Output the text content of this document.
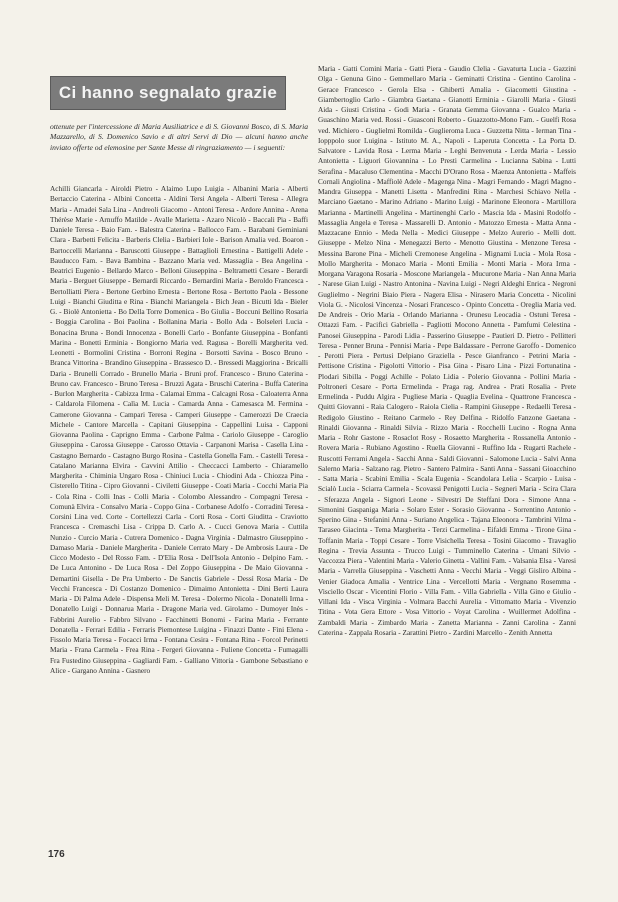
Ci hanno segnalato grazie
ottenute per l'intercessione di Maria Ausiliatrice e di S. Giovanni Bosco, di S. Maria Mazzarello, di S. Domenico Savio e di altri Servi di Dio — alcuni hanno anche inviato offerte od elemosine per Sante Messe di ringraziamento — i seguenti:
Achilli Giancarla - Airoldi Pietro - Alaimo Lupo Luigia - Albanini Maria - Alberti Bertaccio Caterina - Albini Concetta - Aldini Tersi Angela - Alberti Teresa - Allegra Maria - Amadei Sala Lina - Andreoli Giacomo - Antoni Teresa - Ardore Annina - Arena Thérèse Marie - Arnuffo Matilde - Avalle Marietta - Azaro Nicolò - Baccali Pia - Baffi Daniele Teresa - Baio Fam. - Balestra Caterina - Ballocco Fam. - Barabani Geminiani Clara - Barbetti Felicita - Barberis Clelia - Barbieri Iole - Barison Amalia ved. Boaron - Bartoccelli Marianna - Baruscotti Giuseppe - Battaglioli Ernestina - Battigelli Adele - Bauducco Fam. - Bava Bambina - Bazzano Maria ved. Massaglia - Bea Angelina - Beatrici Eugenio - Bellardo Marco - Belloni Giuseppina - Beltrametti Cesare - Berardi Maria - Berguet Giuseppe - Bernardi Riccardo - Bernardini Maria - Beroldo Francesca - Bertolliatti Piera - Bertone Gerbino Ernesta - Bertone Rosa - Bertotto Paola - Bessone Luigi - Bianchi Giuditta e Rina - Bianchi Mariangela - Bich Jean - Bicutti Ida - Bieler G. - Biolè Antonietta - Bo Della Torre Domenica - Bo Giulia - Boccuni Bellino Rosaria - Boggia Carolina - Boi Paolina - Bollanina Maria - Bollo Ada - Bolseleri Lucia - Bonacina Bruna - Bondi Innocenza - Bonelli Carlo - Bonfante Giuseppina - Bonfanti Marina - Bonetti Erminia - Bongiorno Maria ved. Ragusa - Borelli Margherita ved. Leonetti - Bormolini Cristina - Borroni Regina - Borsotti Savina - Bosco Bruno - Branca Vittorina - Brandino Giuseppina - Brassesco D. - Bressedi Maggiorina - Bricalli Daria - Brunelli Corrado - Brunello Maria - Bruni prof. Francesco - Bruno Caterina - Bruno cav. Francesco - Bruno Teresa - Bruzzi Agata - Bruschi Caterina - Buffa Caterina - Burlon Margherita - Cabizza Irma - Calamai Emma - Calcagni Rosa - Caloaterra Anna - Caldarola Filomena - Calìa M. Lucia - Camarda Anna - Camesasca M. Fermina - Camerone Giovanna - Campari Teresa - Camperi Giuseppe - Camerozzi De Craecia Michele - Cantore Marcella - Capitani Giuseppina - Cappellini Luisa - Capponi Giovanna Paolina - Caprigno Emma - Carbone Palma - Cariolo Giuseppe - Caroglio Giuseppina - Carossa Giuseppe - Carosso Ottavia - Carpanoni Marisa - Casella Lina - Castagno Bernardo - Castagno Burgo Rosina - Castella Gonella Fam. - Castelli Teresa - Catalano Marianna Elvira - Cavvini Attilio - Checcacci Lamberto - Chiaramello Margherita - Chiminia Ungaro Rosa - Chiniuci Lucia - Chiodini Ada - Chiozza Pina - Cisterello Titina - Cipro Giovanni - Civiletti Giuseppe - Coati Maria - Cocchi Maria Pia - Cola Rina - Colli Inas - Colli Maria - Colombo Alessandro - Compagni Teresa - Comunà Elvira - Consalvo Maria - Coppo Gina - Corbanese Adolfo - Corradini Teresa - Corsini Lina ved. Corte - Cortellezzi Carla - Corti Rosa - Corti Giuditta - Craviotto Francesca - Cremaschi Lisa - Crippa D. Carlo A. - Cucci Genova Maria - Cuttila Nunzio - Curcio Maria - Cutrera Domenico - Dagna Virginia - Dalmastro Giuseppino - Damaso Maria - Daniele Margherita - Daniele Cerrato Mary - De Ambrosis Laura - De Cicco Modesto - Del Rosso Fam. - D'Elia Rosa - Dell'Isola Antonio - Delpino Fam. - De Luca Antonino - De Luca Rosa - Del Zoppo Giuseppina - De Maio Giovanna - Demartini Gisella - De Pra Umberto - De Sanctis Gabriele - Dessì Rosa Maria - De Vecchi Francesca - Di Costanzo Domenico - Dimaimo Antonietta - Dini Berti Laura Maria - Di Palma Adele - Dispensa Meli M. Teresa - Dolermo Nicola - Donatelli Irma - Donatello Luigi - Donnarua Maria - Dragone Maria ved. Girolamo - Dumoyer Inès - Fabbrini Aurelio - Fabbro Silvano - Facchinetti Bonomi - Farina Maria - Ferrante Donatella - Ferrari Edilia - Ferraris Piemontese Luigina - Finazzi Dante - Fini Elena - Fissolo Maria Teresa - Focacci Irma - Fontana Cesira - Fontana Rina - Forcol Perinetti Maria - Frana Carmela - Frea Rina - Fergeri Giovanna - Fuliene Concetta - Fumagalli Fra Fustedino Giuseppina - Gagliardi Fam. - Galliano Vittoria - Gambone Sebastiano e Alice - Gargano Annina - Gasnero
Maria - Gatti Comini Maria - Gatti Piera - Gaudio Clelia - Gavaturta Lucia - Gazzini Olga - Genuna Gino - Gemmellaro Maria - Geminatti Cristina - Gentino Carolina - Gerace Francesco - Gerola Elsa - Ghiberti Amalia - Giacometti Giustina - Giambertoglio Carlo - Giambra Gaetana - Gianotti Erminia - Giarolli Maria - Giusti Aida - Giusti Cristina - Godi Maria - Granata Gemma Giovanna - Gualco Maria - Guaschino Maria ved. Rossi - Guasconi Roberto - Guazzotto-Mono Fam. - Guelfi Rosa ved. Michiero - Guglielmi Romilda - Guglieroma Luca - Guzzetta Nitta - Ierman Tina - Iopppolo suor Luigina - Istituto M. A., Napoli - Laperuta Concetta - La Porta D. Salvatore - Lavida Rosa - Lerma Maria - Leghi Benvenuta - Lerda Maria - Lessio Antonietta - Liguori Giovannina - Lo Presti Carmelina - Lucianna Sabina - Lutti Serafina - Macaluso Clementina - Macchi D'Orano Rosa - Maenza Antonietta - Maffeis Cornali Angiolina - Maffiolè Adele - Magenga Nina - Magri Fernando - Magri Magno - Mandra Giuseppa - Manetti Lisetta - Manfredini Rina - Marchesi Schiavo Nella - Marciano Gaetano - Marino Adriano - Marino Luigi - Marinone Eleonora - Martillora Marianna - Martinelli Angelina - Martinenghi Carlo - Mascia Ida - Masini Rodolfo - Massaglia Angela e Teresa - Massarelli D. Antonio - Matozzo Ernesta - Matta Anna - Mazzacane Ennio - Meda Nella - Medici Giuseppe - Melzo Aurerio - Melli dott. Giuseppe - Melzo Nina - Menegazzi Berto - Menotto Giustina - Menzone Teresa - Messina Barone Pina - Micheli Cremonese Angelina - Mignami Lucia - Mola Rosa - Mollo Margherita - Monaco Maria - Monti Emilia - Monti Maria - Mora Irma - Morgana Varagona Rosaria - Moscone Mariangela - Mucurone Maria - Nan Anna Maria - Narese Gian Luigi - Nastro Antonina - Navina Luigi - Negri Aldeghi Enrica - Negroni Guglielmo - Negrini Biaio Piera - Nagera Elisa - Nirasero Maria Concetta - Nicolini Viola G. - Nicolosi Vincenza - Nosari Francesco - Opinto Concetta - Oreglia Maria ved. De Andreis - Orio Maria - Orlando Marianna - Orunesu Leocadia - Ostuni Teresa - Ottazzi Fam. - Pacifici Gabriella - Pagliotti Mocono Annetta - Pamfumi Celestina - Panosei Giuseppina - Parodi Lidia - Passerino Giuseppe - Pautieri D. Pietro - Pellitteri Teresa - Penner Bruna - Pennisi Maria - Pepe Baldassare - Perrone Garoffo - Domenico - Perotti Piera - Pertusi Delpiano Graziella - Pesce Gianfranco - Petrini Maria - Pettisone Cristina - Pigolotti Vittorio - Pisa Gina - Pisaro Lina - Pizzi Fortunatina - Plodari Sibilla - Poggi Achille - Polato Lidia - Polerio Giovanna - Pollini Maria - Poltroneri Cesare - Porta Ermelinda - Praga rag. Andrea - Prati Rosalia - Prete Ermelinda - Puddu Algira - Pugliese Maria - Quaglia Evelina - Quattrone Francesca - Quitti Giovanni - Raia Calogero - Raiola Cielia - Rampini Giuseppe - Redaelli Teresa - Redigolo Giustino - Reitano Carmelo - Rey Delfina - Ridolfo Fanzone Gaetana - Rinaldi Giovanna - Rinaldi Silvia - Rizzo Maria - Rocchelli Lucino - Rogna Anna Maria - Rohr Gastone - Rosaclot Rosy - Rosaetto Margherita - Rossanella Antonio - Rovera Maria - Rubiano Agostino - Ruella Giovanni - Ruffino Ida - Rugarti Rachele - Ruscotti Ferrami Angela - Sacchi Anna - Saldi Giovanni - Salomone Lucia - Salvi Anna Salerno Maria - Salzano rag. Pietro - Santero Palmira - Santi Anna - Sassani Gioacchino - Satta Maria - Scabini Emilia - Scala Eugenia - Scandolara Lelia - Scarpio - Luisa - Scialò Lucia - Sciarra Carmela - Scovassi Penigotti Lucia - Segneri Maria - Scira Clara - Sferazza Angela - Signori Leone - Silvestri De Steffani Dora - Simone Anna - Simonini Gaspaniga Maria - Solaro Ester - Sorasio Giovanna - Sorrentino Antonio - Sperino Gina - Stefanini Anna - Suriano Angelica - Tajana Eleonora - Tambrini Vilma - Taraseo Giacinta - Tema Margherita - Terzi Carmelina - Eifaldi Emma - Tirone Gina - Toffanin Maria - Toppi Cesare - Torre Visichella Teresa - Tosini Giacomo - Travaglio Regina - Trevia Assunta - Trucco Luigi - Tumminello Caterina - Umani Silvio - Vaccozza Piera - Valentini Maria - Valerio Ginetta - Vallini Fam. - Valsania Elsa - Varesi Maria - Varrella Giuseppina - Vaschetti Anna - Vecchi Maria - Veggi Gisliro Albina - Venier Giadoca Amalia - Ventrice Lina - Vercellotti Maria - Vergnano Rosemma - Visciello Oscar - Vicentini Florio - Villa Fam. - Villa Gabriella - Villa Gino e Giulio - Villani Ida - Visca Virginia - Volmara Bacchi Aurelia - Vittomatto Maria - Vivenzio Titina - Vota Gera Ettore - Vosa Vittorio - Voyat Carolina - Wuillermet Adolfina - Zambaldi Maria - Zimbardo Maria - Zanetta Marianna - Zanni Carolina - Zanni Caterina - Zappala Rosaria - Zarattini Pietro - Zardini Marcello - Zenith Annetta
176
